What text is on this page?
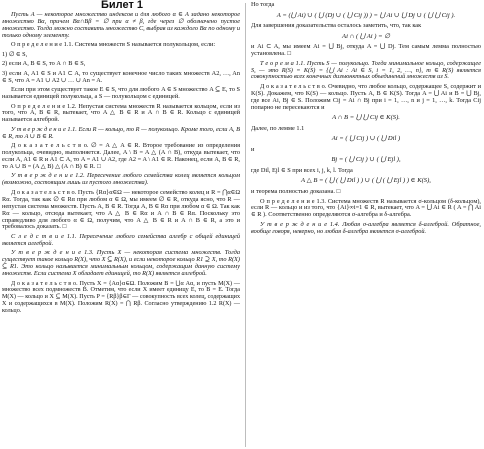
Билет 1
Пусть A — некоторое множество индексов и для любого α ∈ A задано некоторое множество Bα, причем Bα∩Bβ = ∅ при α ≠ β, где через ∅ обозначено пустое множество. Тогда можно составить множество C, выбрав из каждого Bα по одному и только одному элементу.
О п р е д е л е н и е 1.1. Система множеств S называется полукольцом, если:
1) ∅ ∈ S,
2) если A, B ∈ S, то A ∩ B ∈ S,
3) если A, A1 ∈ S и A1 ⊂ A, то существует конечное число таких множеств A2, …, An ∈ S, что A = A1 ∪ A2 ∪ … ∪ An = A.
Если при этом существует такое E ∈ S, что для любого A ∈ S множество A ⊆ E, то S называется единицей полукольца, а S — полукольцом с единицей.
О п р е д е л е н и е 1.2. Непустая система множеств R называется кольцом, если из того, что A, B ∈ R, вытекает, что A △ B ∈ R и A ∩ B ∈ R. Кольцо с единицей называется алгеброй.
У т в е р ж д е н и е 1.1. Если R — кольцо, то R — полукольцо. Кроме того, если A, B ∈ R, то A ∪ B ∈ R.
Д о к а з а т е л ь с т в о. ∅ = A △ A ∈ R. Второе требование из определения полукольца, очевидно, выполняется. Далее, A \ B = A △ (A ∩ B), откуда вытекает, что если A, A1 ∈ R и A1 ⊂ A, то A = A1 ∪ A2, где A2 = A \ A1 ∈ R. Наконец, если A, B ∈ R, то A ∪ B = (A △ B) △ (A ∩ B) ∈ R. □
У т в е р ж д е н и е 1.2. Пересечение любого семейства колец является кольцом (возможно, состоящим лишь из пустого множества).
Д о к а з а т е л ь с т в о. Пусть {Rα}α∈Ω — некоторое семейство колец и R = ⋂α∈Ω Rα. Тогда, так как ∅ ∈ Rα при любом α ∈ Ω, мы имеем ∅ ∈ R, откуда ясно, что R — непустая система множеств. Пусть A, B ∈ R. Тогда A, B ∈ Rα при любом α ∈ Ω. Так как Rα — кольцо, отсюда вытекает, что A △ B ∈ Rα и A ∩ B ∈ Rα. Поскольку это справедливо для любого α ∈ Ω, получим, что A △ B ∈ R и A ∩ B ∈ R, а это и требовалось доказать. □
С л е д с т в и е 1.1. Пересечение любого семейства алгебр с общей единицей является алгеброй.
У т в е р ж д е н и е 1.3. Пусть X — некоторая система множеств. Тогда существует такое кольцо R(X), что X ⊆ R(X), и если некоторое кольцо R1 ⊇ X, то R(X) ⊆ R1. Это кольцо называется минимальным кольцом, содержащим данную систему множеств. Если система X обладает единицей, то R(X) является алгеброй.
Д о к а з а т е л ь с т в о. Пусть X = {Aα}α∈Ω. Положим B = ⋃α Aα, и пусть M(X) — множество всех подмножеств B. Отметим, что если X имеет единицу E, то B = E. Тогда M(X) — кольцо и X ⊆ M(X). Пусть P = {Rβ}β∈Γ — совокупность всех колец, содержащих X и содержащихся в M(X). Положим R(X) = ⋂ Rβ. Согласно утверждению 1.2 R(X) — кольцо.
Но тогда
A = (⋃ Ai) ∪ ( ⋃ (Dj ∪ ( ⋃ Cij )) ) = ⋃ Ai ∪ ⋃ Dj ∪ ( ⋃ ⋃ Cij ).
Для завершения доказательства осталось заметить, что, так как
Ai ∩ ( ⋃ Ai ) = ∅
и Ai ⊂ A, мы имеем Ai = ⋃ Bj, откуда A = ⋃ Dj. Тем самым лемма полностью установлена. □
Т е о р е м а 1.1. Пусть S — полукольцо. Тогда минимальное кольцо, содержащее S, — это R(S) = K(S) = {⋃ Ai : Ai ∈ S, i = 1, 2, …, n}, m ∈ R(S) является совокупностью всех конечных дизъюнктных объединений множеств из S.
Д о к а з а т е л ь с т в о. Очевидно, что любое кольцо, содержащее S, содержит и K(S). Докажем, что K(S) — кольцо. Пусть A, B ∈ K(S). Тогда A = ⋃ Ai и B = ⋃ Bj, где все Ai, Bj ∈ S. Положим Cij = Ai ∩ Bj при i = 1, …, n и j = 1, …, k. Тогда Cij попарно не пересекаются и
A ∩ B = ⋃ ⋃ Cij ∈ K(S).
Далее, по лемме 1.1
Ai = ( ⋃ Cij ) ∪ ( ⋃ Dil )
и
Bj = ( ⋃ Cij ) ∪ ( ⋃ Ejl ),
где Dil, Ejl ∈ S при всех i, j, k, l. Тогда
A △ B = ( ⋃ ( ⋃ Dil ) ) ∪ ( ⋃ ( ⋃ Ejl ) ) ∈ K(S),
и теорема полностью доказана. □
О п р е д е л е н и е 1.3. Система множеств R называется σ-кольцом (δ-кольцом), если R — кольцо и из того, что {Ai}∞i=1 ∈ R, вытекает, что A = ⋃ Ai ∈ R ( A = ⋂ Ai ∈ R ). Соответственно определяются σ-алгебра и δ-алгебра.
У т в е р ж д е н и е 1.4. Любая σ-алгебра является δ-алгеброй. Обратное, вообще говоря, неверно, но любая δ-алгебра является σ-алгеброй.
